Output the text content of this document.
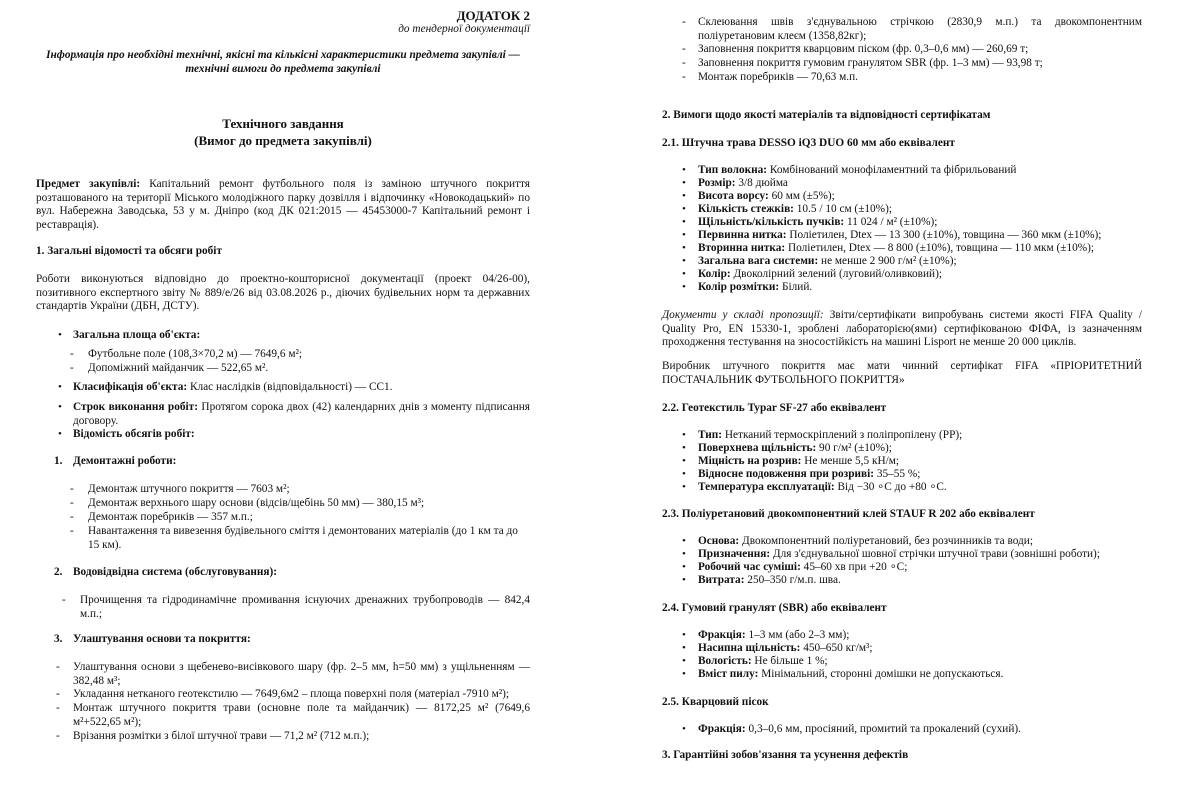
ДОДАТОК 2

до тендерної документації

Інформація про необхідні технічні, якісні та кількісні характеристики предмета закупівлі — технічні вимоги до предмета закупівлі

Технічного завдання

(Вимог до предмета закупівлі)

Предмет закупівлі: Капітальний ремонт футбольного поля із заміною штучного покриття розташованого на території Міського молодіжного парку дозвілля і відпочинку «Новокодацький» по вул. Набережна Заводська, 53 у м. Дніпро (код ДК 021:2015 — 45453000-7 Капітальний ремонт і реставрація).

1. Загальні відомості та обсяги робіт

Роботи виконуються відповідно до проектно-кошторисної документації (проект 04/26-00), позитивного експертного звіту № 889/е/26 від 03.08.2026 р., діючих будівельних норм та державних стандартів України (ДБН, ДСТУ).

• Загальна площа об'єкта:

- Футбольне поле (108,3×70,2 м) — 7649,6 м²;

- Допоміжний майданчик — 522,65 м².

• Класифікація об'єкта: Клас наслідків (відповідальності) — СС1.

• Строк виконання робіт: Протягом сорока двох (42) календарних днів з моменту підписання договору.

• Відомість обсягів робіт:

1. Демонтажні роботи:

- Демонтаж штучного покриття — 7603 м²;

- Демонтаж верхнього шару основи (відсів/щебінь 50 мм) — 380,15 м³;

- Демонтаж поребриків — 357 м.п.;

- Навантаження та вивезення будівельного сміття і демонтованих матеріалів (до 1 км та до 15 км).

2. Водовідвідна система (обслуговування):

- Прочищення та гідродинамічне промивання існуючих дренажних трубопроводів — 842,4 м.п.;

3. Улаштування основи та покриття:

- Улаштування основи з щебенево-висівкового шару (фр. 2–5 мм, h=50 мм) з ущільненням — 382,48 м³;

- Укладання нетканого геотекстилю — 7649,6м2 – площа поверхні поля (матеріал -7910 м²);

- Монтаж штучного покриття трави (основне поле та майданчик) — 8172,25 м² (7649,6 м²+522,65 м²);

- Врізання розмітки з білої штучної трави — 71,2 м² (712 м.п.);

- Склеювання швів з'єднувальною стрічкою (2830,9 м.п.) та двокомпонентним поліуретановим клеєм (1358,82кг);

- Заповнення покриття кварцовим піском (фр. 0,3–0,6 мм) — 260,69 т;

- Заповнення покриття гумовим гранулятом SBR (фр. 1–3 мм) — 93,98 т;

- Монтаж поребриків — 70,63 м.п.

2. Вимоги щодо якості матеріалів та відповідності сертифікатам

2.1. Штучна трава DESSO iQ3 DUO 60 мм або еквівалент

• Тип волокна: Комбінований монофіламентний та фібрильований

• Розмір: 3/8 дюйма

• Висота ворсу: 60 мм (±5%);

• Кількість стежків: 10.5 / 10 см (±10%);

• Щільність/кількість пучків: 11 024 / м² (±10%);

• Первинна нитка: Поліетилен, Dtex — 13 300 (±10%), товщина — 360 мкм (±10%);

• Вторинна нитка: Поліетилен, Dtex — 8 800 (±10%), товщина — 110 мкм (±10%);

• Загальна вага системи: не менше 2 900 г/м² (±10%);

• Колір: Двоколірний зелений (луговий/оливковий);

• Колір розмітки: Білий.

Документи у складі пропозиції: Звіти/сертифікати випробувань системи якості FIFA Quality / Quality Pro, EN 15330-1, зроблені лабораторією(ями) сертифікованою ФІФА, із зазначенням проходження тестування на зносостійкість на машині Lisport не менше 20 000 циклів.

Виробник штучного покриття має мати чинний сертифікат FIFA «ПРІОРИТЕТНИЙ ПОСТАЧАЛЬНИК ФУТБОЛЬНОГО ПОКРИТТЯ»

2.2. Геотекстиль Typar SF-27 або еквівалент

• Тип: Нетканий термоскріплений з поліпропілену (PP);

• Поверхнева щільність: 90 г/м² (±10%);

• Міцність на розрив: Не менше 5,5 кН/м;

• Відносне подовження при розриві: 35–55 %;

• Температура експлуатації: Від −30 ∘С до +80 ∘С.

2.3. Поліуретановий двокомпонентний клей STAUF R 202 або еквівалент

• Основа: Двокомпонентний поліуретановий, без розчинників та води;

• Призначення: Для з'єднувальної шовної стрічки штучної трави (зовнішні роботи);

• Робочий час суміші: 45–60 хв при +20 ∘С;

• Витрата: 250–350 г/м.п. шва.

2.4. Гумовий гранулят (SBR) або еквівалент

• Фракція: 1–3 мм (або 2–3 мм);

• Насипна щільність: 450–650 кг/м³;

• Вологість: Не більше 1 %;

• Вміст пилу: Мінімальний, сторонні домішки не допускаються.

2.5. Кварцовий пісок

• Фракція: 0,3–0,6 мм, просіяний, промитий та прокалений (сухий).

3. Гарантійні зобов'язання та усунення дефектів
